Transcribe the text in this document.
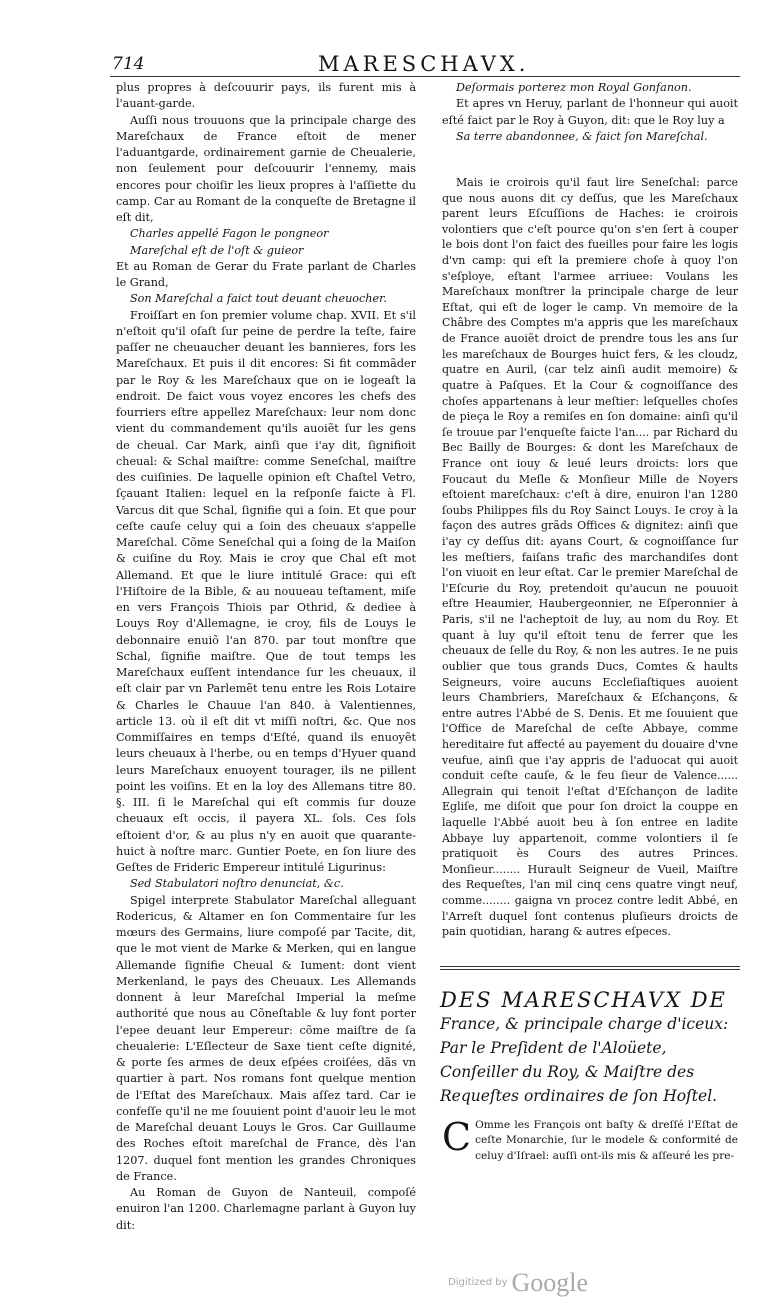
714	MARESCHAVX.

plus propres à deſcouurir pays, ils furent mis à l'auant-garde.

Auſſi nous trouuons que la principale charge des Mareſchaux de France eſtoit de mener l'aduantgarde, ordinairement garnie de Cheualerie, non ſeulement pour deſcouurir l'ennemy, mais encores pour choiſir les lieux propres à l'aſſiette du camp. Car au Romant de la conqueſte de Bretagne il eſt dit,

Charles appellé Fagon le pongneor

Mareſchal eſt de l'oſt & guieor

Et au Roman de Gerar du Frate parlant de Charles le Grand,

Son Mareſchal a faict tout deuant cheuocher.

Froiſſart en ſon premier volume chap. XVII. Et s'il n'eſtoit qu'il oſaſt ſur peine de perdre la teſte, faire paſſer ne cheuaucher deuant les bannieres, fors les Mareſchaux. Et puis il dit encores: Si fit commãder par le Roy & les Mareſchaux que on ie logeaſt la endroit. De faict vous voyez encores les chefs des fourriers eſtre appellez Mareſchaux: leur nom donc vient du commandement qu'ils auoiẽt ſur les gens de cheual. Car Mark, ainſi que i'ay dit, ſignifioit cheual: & Schal maiſtre: comme Seneſchal, maiſtre des cuiſinies. De laquelle opinion eſt Chaſtel Vetro, ſçauant Italien: lequel en la reſponſe faicte à Fl. Varcus dit que Schal, ſignifie qui a ſoin. Et que pour ceſte cauſe celuy qui a ſoin des cheuaux s'appelle Mareſchal. Cõme Seneſchal qui a ſoing de la Maiſon & cuiſine du Roy. Mais ie croy que Chal eſt mot Allemand. Et que le liure intitulé Grace: qui eſt l'Hiſtoire de la Bible, & au nouueau teſtament, miſe en vers François Thiois par Othrid, & dediee à Louys Roy d'Allemagne, ie croy, fils de Louys le debonnaire enuiõ l'an 870. par tout monſtre que Schal, ſignifie maiſtre. Que de tout temps les Mareſchaux euſſent intendance ſur les cheuaux, il eſt clair par vn Parlemẽt tenu entre les Rois Lotaire & Charles le Chauue l'an 840. à Valentiennes, article 13. où il eſt dit vt miſſi noſtri, &c. Que nos Commiſſaires en temps d'Eſté, quand ils enuoyẽt leurs cheuaux à l'herbe, ou en temps d'Hyuer quand leurs Mareſchaux enuoyent tourager, ils ne pillent point les voiſins. Et en la loy des Allemans titre 80. §. III. ſi le Mareſchal qui eſt commis ſur douze cheuaux eſt occis, il payera XL. ſols. Ces ſols eſtoient d'or, & au plus n'y en auoit que quarante-huict à noſtre marc. Guntier Poete, en ſon liure des Geſtes de Frideric Empereur intitulé Ligurinus:

Sed Stabulatori noſtro denunciat, &c.

Spigel interprete Stabulator Mareſchal alleguant Rodericus, & Altamer en ſon Commentaire ſur les mœurs des Germains, liure compoſé par Tacite, dit, que le mot vient de Marke & Merken, qui en langue Allemande ſignifie Cheual & Iument: dont vient Merkenland, le pays des Cheuaux. Les Allemands donnent à leur Mareſchal Imperial la meſme authorité que nous au Cõneſtable & luy font porter l'epee deuant leur Empereur: cõme maiſtre de ſa cheualerie: L'Eſlecteur de Saxe tient ceſte dignité, & porte ſes armes de deux eſpées croiſées, dãs vn quartier à part. Nos romans font quelque mention de l'Eſtat des Mareſchaux. Mais aſſez tard. Car ie confeſſe qu'il ne me ſouuient point d'auoir leu le mot de Mareſchal deuant Louys le Gros. Car Guillaume des Roches eſtoit mareſchal de France, dès l'an 1207. duquel font mention les grandes Chroniques de France.

Au Roman de Guyon de Nanteuil, compoſé enuiron l'an 1200. Charlemagne parlant à Guyon luy dit:

Deſormais porterez mon Royal Gonfanon.

Et apres vn Heruy, parlant de l'honneur qui auoit eſté faict par le Roy à Guyon, dit: que le Roy luy a

Sa terre abandonnee, & faict ſon Mareſchal.

Mais ie croirois qu'il faut lire Seneſchal: parce que nous auons dit cy deſſus, que les Mareſchaux parent leurs Eſcuſſions de Haches: ie croirois volontiers que c'eſt pource qu'on s'en ſert à couper le bois dont l'on faict des fueilles pour faire les logis d'vn camp: qui eſt la premiere choſe à quoy l'on s'eſploye, eſtant l'armee arriuee: Voulans les Mareſchaux monſtrer la principale charge de leur Eſtat, qui eſt de loger le camp. Vn memoire de la Châbre des Comptes m'a appris que les mareſchaux de France auoiẽt droict de prendre tous les ans ſur les mareſchaux de Bourges huict fers, & les cloudz, quatre en Auril, (car telz ainſi audit memoire) & quatre à Paſques. Et la Cour & cognoiſſance des choſes appartenans à leur meſtier: leſquelles choſes de pieça le Roy a remiſes en ſon domaine: ainſi qu'il ſe trouue par l'enqueſte faicte l'an.... par Richard du Bec Bailly de Bourges: & dont les Mareſchaux de France ont iouy & leué leurs droicts: lors que Foucaut du Meſle & Monſieur Mille de Noyers eſtoient mareſchaux: c'eſt à dire, enuiron l'an 1280 ſoubs Philippes fils du Roy Sainct Louys. Ie croy à la façon des autres grãds Offices & dignitez: ainſi que i'ay cy deſſus dit: ayans Court, & cognoiſſance ſur les meſtiers, faiſans trafic des marchandiſes dont l'on viuoit en leur eſtat. Car le premier Mareſchal de l'Eſcurie du Roy, pretendoit qu'aucun ne pouuoit eſtre Heaumier, Haubergeonnier, ne Eſperonnier à Paris, s'il ne l'acheptoit de luy, au nom du Roy. Et quant à luy qu'il eſtoit tenu de ferrer que les cheuaux de ſelle du Roy, & non les autres. Ie ne puis oublier que tous grands Ducs, Comtes & haults Seigneurs, voire aucuns Eccleſiaſtiques auoient leurs Chambriers, Mareſchaux & Eſchançons, & entre autres l'Abbé de S. Denis. Et me ſouuient que l'Office de Mareſchal de ceſte Abbaye, comme hereditaire fut affecté au payement du douaire d'vne veufue, ainſi que i'ay appris de l'aduocat qui auoit conduit ceſte cauſe, & le feu ſieur de Valence...... Allegrain qui tenoit l'eſtat d'Eſchançon de ladite Egliſe, me diſoit que pour ſon droict la couppe en laquelle l'Abbé auoit beu à ſon entree en ladite Abbaye luy appartenoit, comme volontiers il ſe pratiquoit ès Cours des autres Princes. Monſieur........ Hurault Seigneur de Vueil, Maiſtre des Requeſtes, l'an mil cinq cens quatre vingt neuf, comme........ gaigna vn procez contre ledit Abbé, en l'Arreſt duquel ſont contenus pluſieurs droicts de pain quotidian, harang & autres eſpeces.

DES MARESCHAVX DE
France, & principale charge d'iceux: Par le Preſident de l'Aloüete, Conſeiller du Roy, & Maiſtre des Requeſtes ordinaires de ſon Hoſtel.
C Omme les François ont baſty & dreſſé l'Eſtat de ceſte Monarchie, ſur le modele & conformité de celuy d'Iſrael: auſſi ont-ils mis & aſſeuré les pre-
$^{Digitized by}$ Google
